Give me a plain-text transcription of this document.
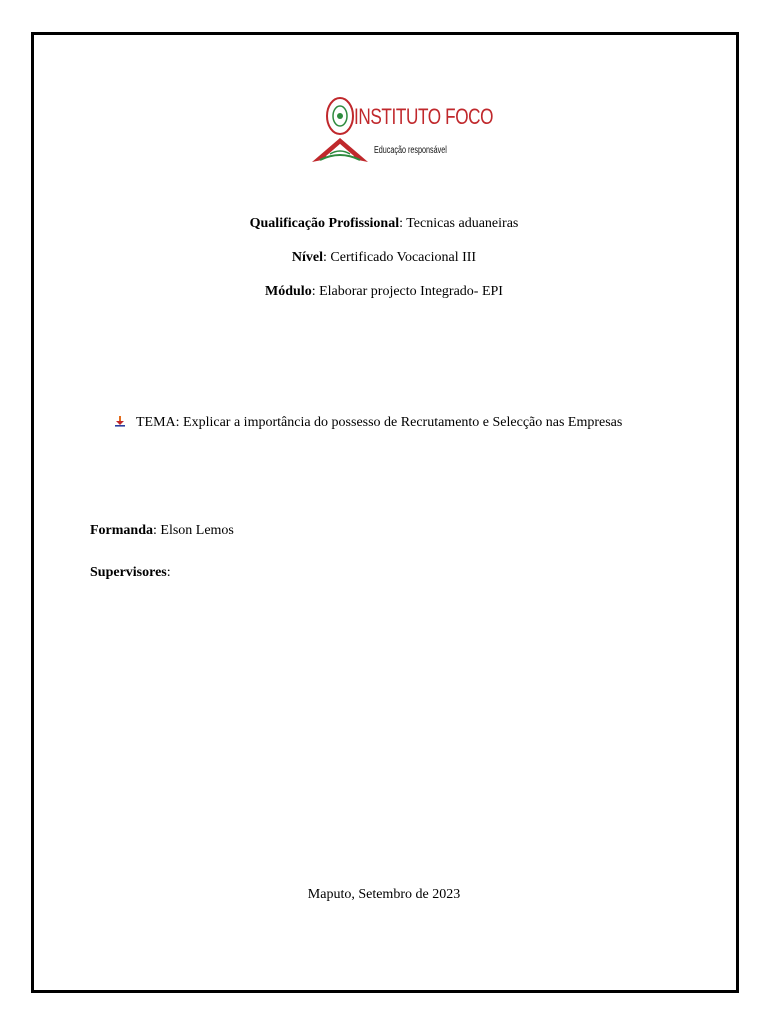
INSTITUTO FOCO
Educação responsável
Qualificação Profissional: Tecnicas aduaneiras
Nível: Certificado Vocacional III
Módulo: Elaborar projecto Integrado- EPI
TEMA: Explicar a importância do possesso de Recrutamento e Selecção nas Empresas
Formanda: Elson Lemos
Supervisores:
Maputo, Setembro de 2023
